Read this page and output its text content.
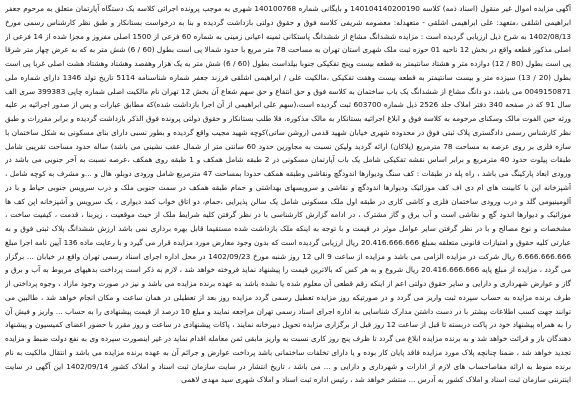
آگهی مزایده اموال غیر منقول (اسناد ذمه) کلاسه 140104140200190 و بایگانی شماره 140100768 شهری به موجب پرونده اجرائی کلاسه یک دستگاه آپارتمان متعلق به مرحوم جعفر ابراهیمی اشلقی ،متعهد: علی ابراهیمی اشلقی - متعهدله: معصومه شریفی کلاسه فوق و حقوق دولتی بازداشت گردیده و بنا به درخواست بستانکار و طبق نظر کارشناس رسمی مورخ 1402/08/13 به شرح ذیل ارزیابی گردیده است : مزایده ششدانگ مشاع از ششدانگ پاستکانی ثمینه اعیانی زمینی به شماره 60 فرعی از 1500 اصلی مفروز و مجزا شده از 14 فرعی از اصلی مذکور قطعه واقع در بخش 12 ناحیه 01 حوزه ثبت ملک شهری استان تهران به مساحت 78 متر مربع با حدود شمالا پی است بطول (60 / 6) شش متر به که به عرض چهار متر شرقا پی است بطول (80 / 12) دوازده متر و هشتاد سانتیمتر به قطعه بیست وپنج تفکیکی جنوبا بیلداست بطول (60 / 6) شش متر به یک هزار وهفصد وهشتاد وهشتاد هشت اصلی غربا پی است بطول (20 / 13) سیزده متر و بیست سانتیمتر به قطعه بیست وهفت تفکیکی ،مالکیت علی / ابراهیمی اشلقی فرزند جعفر شماره شناسنامه 5114 تاریخ تولد 1346 دارای شماره ملی 0049150871 می باشد، دو دانگ مشاع از ششدانگ یک باب ساختمان به کلاسه فوق و حق انتفاع و حق سهم شعاع آن بخش 12 تهران نام مالکیت اصلی شماره چاپی 399383 سری الف سال 91 که در صفحه 340 دفتر املاک جلد 2526 ذیل شماره 603700 ثبت گردیده است،(سهم علی ابراهیمی از آن اجرا بازداشت شده)که مطابق عبارات و پس از صدور اجرائیه بر علیه ورثه حین الفوت مالک وسکنای مرحومه به کلاسه فوق و ابلاغ اجرائیه بستانکار به مالک مذکوره، فلا طلب بستانکار و حقوق دولتی پرونده فوق الذکر بازداشت گردیده و برابر مقررات و طبق نظر کارشناس رسمی دادگستری پلاک ثبتی فوق در محدوده شهری خیابان شهید قدمی (روشن ساتی)کوچه شهید مجیب واقع گردیده و بطور نسبی دارای بنای مسکونی به شکل ساختمان با سازه فلزی بر روی عرصه به مساحت 78 مترمربع (پلاکان) ارائه گردید ولیکن نسبت به مجاورین حدود 60 سانتی متر از شمال عقب نشینی می باشد) ساله حدود مساحت تقریبی شامل طبقات پیلوت حدود 40 مترمربع و برابر اساس نقشه تفکیکی شامل یک باب آپارتمان مسکونی در 2 طبقه شامل همکف و 1 طبقه روی همکف ،عرصه نسبت به آخر جنوبی می باشد در ورودی ابعاد پارکینگ می باشد ، راه پله در طبقات : کف سنگ ودیوارها اندودگچ ونقاشی وطبقه همکف حدودا بمساحت 47 مترمربع شامل ورودی دوبلو، هال و ...و مشرف به کوچه شامل ، آشپزخانه اپن با کابینت های ام دی اف کف موزائیک ودیوارها اندودگچ و نقاشی و سرویسهای بهداشتی و حمام طبقه همکف در سمت جنوبی ملک و درب سرویس جنوبی حیاط و با در آلومینیومی گلد و درب ورودی ساختمان فلزی و کاشی کاری در طبقه اول ملک مسکونی شامل یک سالن پذیرایی ،حمام، دو اتاق خواب کمد دیواری ، یک سرویس و آشپزخانه اپن کف ها موزائیک و دیوارها اندود گچ و نقاشی است و آب برق و گاز مشترک ، در ادامه گزارش کارشناسی با در نظر گرفتن کلیه شرایط ملک از حیث موقعیت ، زیربنا ، قدمت ، کیفیت ساخت ، مشخصات و نوع مصالح و با در نظر گرفتن سایر عوامل موثر در قیمت و با توجه به اینکه ملک بازداشت شده مستقیما قابل بهره برداری نمی باشد ارزش ششدانگ پلاک ثبتی فوق و به عبارتی کلیه حقوق و امتیازات قانونی متعلقه بمبلغ 20.416.666.666 ریال ارزیابی گردیده است که بدون وجود معارض مورد مزایده قرار می گیرد و با رعایت ماده 136 آیین نامه اجرا مبلغ 6.666.666.666 ریال شرکت در مزایده الزامی می باشد و مزایده از ساعت 9 الی 12 روز شنبه مورخ 1402/09/23 در محل اداره اجرای اسناد رسمی تهران واقع در خیابان ... برگزار می گردد ، مزایده از مبلغ پایه 20.416.666.666 ریال شروع و به هر کس که بالاترین قیمت را پیشنهاد نماید فروخته خواهد شد ، لازم به ذکر است پرداخت بدهیهای مربوط به آب و برق و گاز و عوارض شهرداری و دارایی و سایر حقوق دولتی اعم از اینکه رقم قطعی آن معلوم شده یا نشده باشد به عهده برنده مزایده می باشد و نیز در صورت وجود مازاد ، وجوه پرداختی از طرف برنده مزایده به حساب سپرده ثبت واریز می گردد و در صورتیکه روز مزایده تعطیل رسمی گردد مزایده روز بعد از تعطیلی در همان ساعت و مکان انجام خواهد شد ، طالبین می توانند جهت کسب اطلاعات بیشتر با در دست داشتن مدارک شناسایی به اداره اجرای اسناد رسمی تهران مراجعه نمایند و مبلغ 10 درصد از قیمت پیشنهادی را به حساب ... واریز و فیش آن را به همراه پیشنهاد خود در پاکت دربسته تا قبل از ساعت 12 روز قبل از برگزاری مزایده تحویل دبیرخانه نمایند ، پاکات پیشنهادی در ساعت و روز مقرر با حضور اعضای کمیسیون و پیشنهاد دهندگان باز و قرائت خواهد شد و به برنده مزایده ابلاغ می گردد تا ظرف پنج روز کاری نسبت به واریز مابقی ثمن معامله اقدام نماید در غیر اینصورت سپرده وی به نفع دولت ضبط و مزایده تجدید خواهد شد ، ضمنا چنانچه پلاک مورد مزایده فاقد پایان کار بوده و یا دارای تخلفات ساختمانی باشد پرداخت عوارض و جرائم آن به عهده برنده مزایده می باشد و انتقال مالکیت به نام برنده منوط به ارائه مفاصاحساب های لازم از ادارات و شهرداری و دارایی و ... می باشد ، تاریخ انتشار در سایت سازمان ثبت اسناد و املاک کشور 1402/09/14 این آگهی در سایت اینترنتی سازمان ثبت اسناد و املاک کشور به آدرس ... منتشر خواهد شد ، رئیس اداره ثبت اسناد و املاک شهری سید مهدی لاهمی
